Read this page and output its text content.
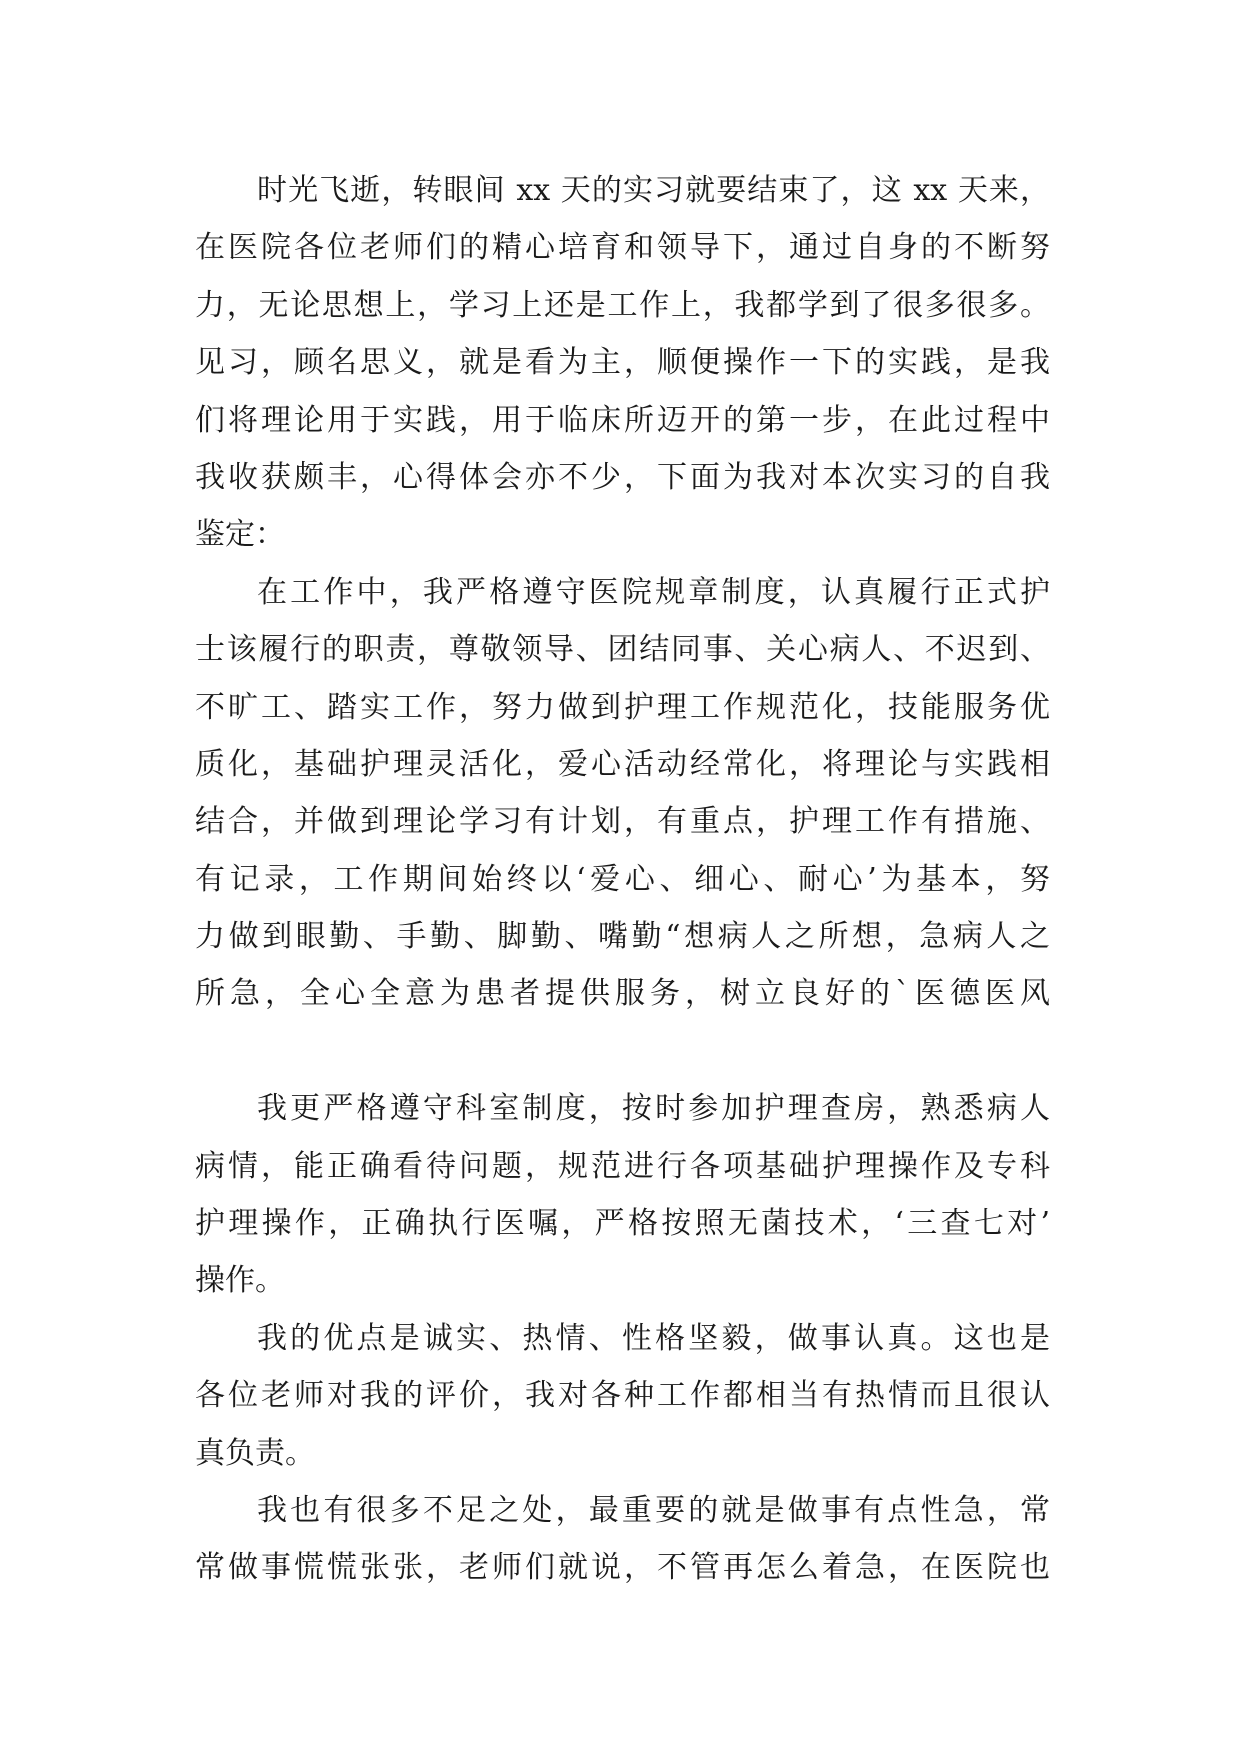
时光飞逝，转眼间 xx 天的实习就要结束了，这 xx 天来，
在医院各位老师们的精心培育和领导下，通过自身的不断努
力，无论思想上，学习上还是工作上，我都学到了很多很多。
见习，顾名思义，就是看为主，顺便操作一下的实践，是我
们将理论用于实践，用于临床所迈开的第一步，在此过程中
我收获颇丰，心得体会亦不少，下面为我对本次实习的自我
鉴定：
在工作中，我严格遵守医院规章制度，认真履行正式护
士该履行的职责，尊敬领导、团结同事、关心病人、不迟到、
不旷工、踏实工作，努力做到护理工作规范化，技能服务优
质化，基础护理灵活化，爱心活动经常化，将理论与实践相
结合，并做到理论学习有计划，有重点，护理工作有措施、
有记录，工作期间始终以‘爱心、细心、耐心’为基本，努
力做到眼勤、手勤、脚勤、嘴勤“想病人之所想，急病人之
所急，全心全意为患者提供服务，树立良好的`医德医风
我更严格遵守科室制度，按时参加护理查房，熟悉病人
病情，能正确看待问题，规范进行各项基础护理操作及专科
护理操作，正确执行医嘱，严格按照无菌技术，‘三查七对’
操作。
我的优点是诚实、热情、性格坚毅，做事认真。这也是
各位老师对我的评价，我对各种工作都相当有热情而且很认
真负责。
我也有很多不足之处，最重要的就是做事有点性急，常
常做事慌慌张张，老师们就说，不管再怎么着急，在医院也
